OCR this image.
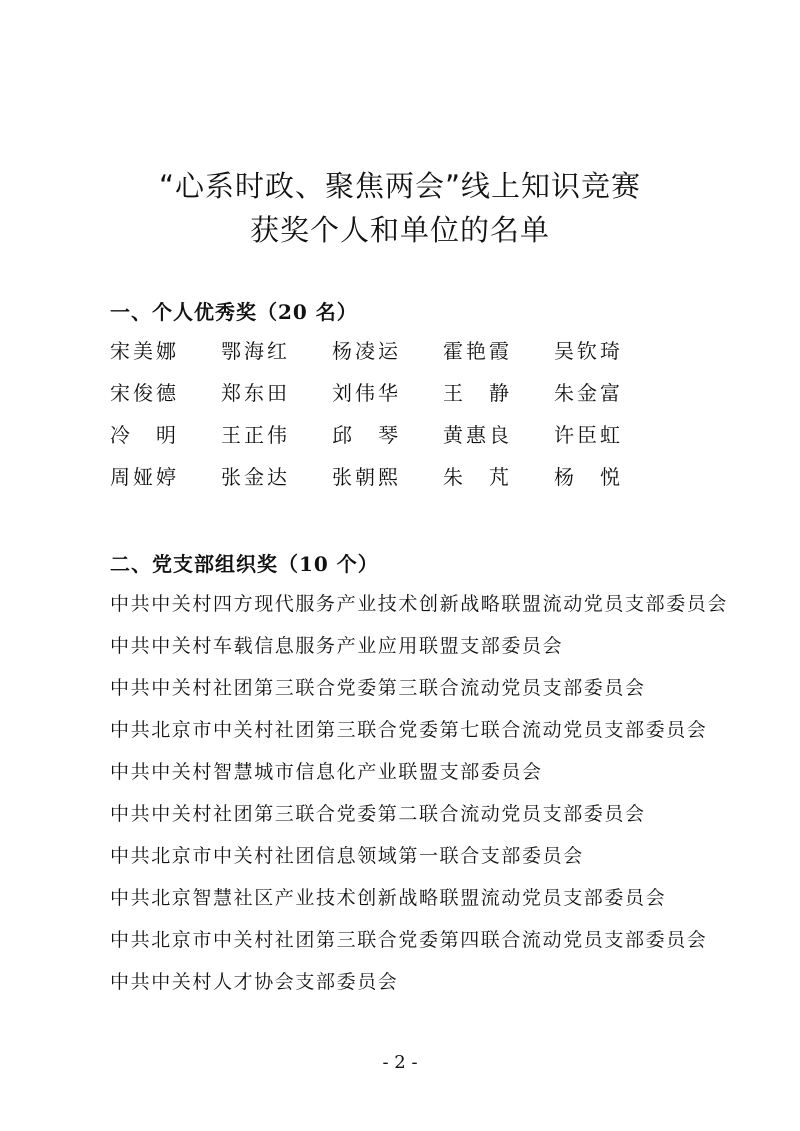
“心系时政、聚焦两会”线上知识竞赛
获奖个人和单位的名单
一、个人优秀奖（20 名）
宋美娜	鄂海红	杨凌运	霍艳霞	吴钦琦
宋俊德	郑东田	刘伟华	王　静	朱金富
冷　明	王正伟	邱　琴	黄惠良	许臣虹
周娅婷	张金达	张朝熙	朱　芃	杨　悦
二、党支部组织奖（10 个）
中共中关村四方现代服务产业技术创新战略联盟流动党员支部委员会
中共中关村车载信息服务产业应用联盟支部委员会
中共中关村社团第三联合党委第三联合流动党员支部委员会
中共北京市中关村社团第三联合党委第七联合流动党员支部委员会
中共中关村智慧城市信息化产业联盟支部委员会
中共中关村社团第三联合党委第二联合流动党员支部委员会
中共北京市中关村社团信息领域第一联合支部委员会
中共北京智慧社区产业技术创新战略联盟流动党员支部委员会
中共北京市中关村社团第三联合党委第四联合流动党员支部委员会
中共中关村人才协会支部委员会
- 2 -
